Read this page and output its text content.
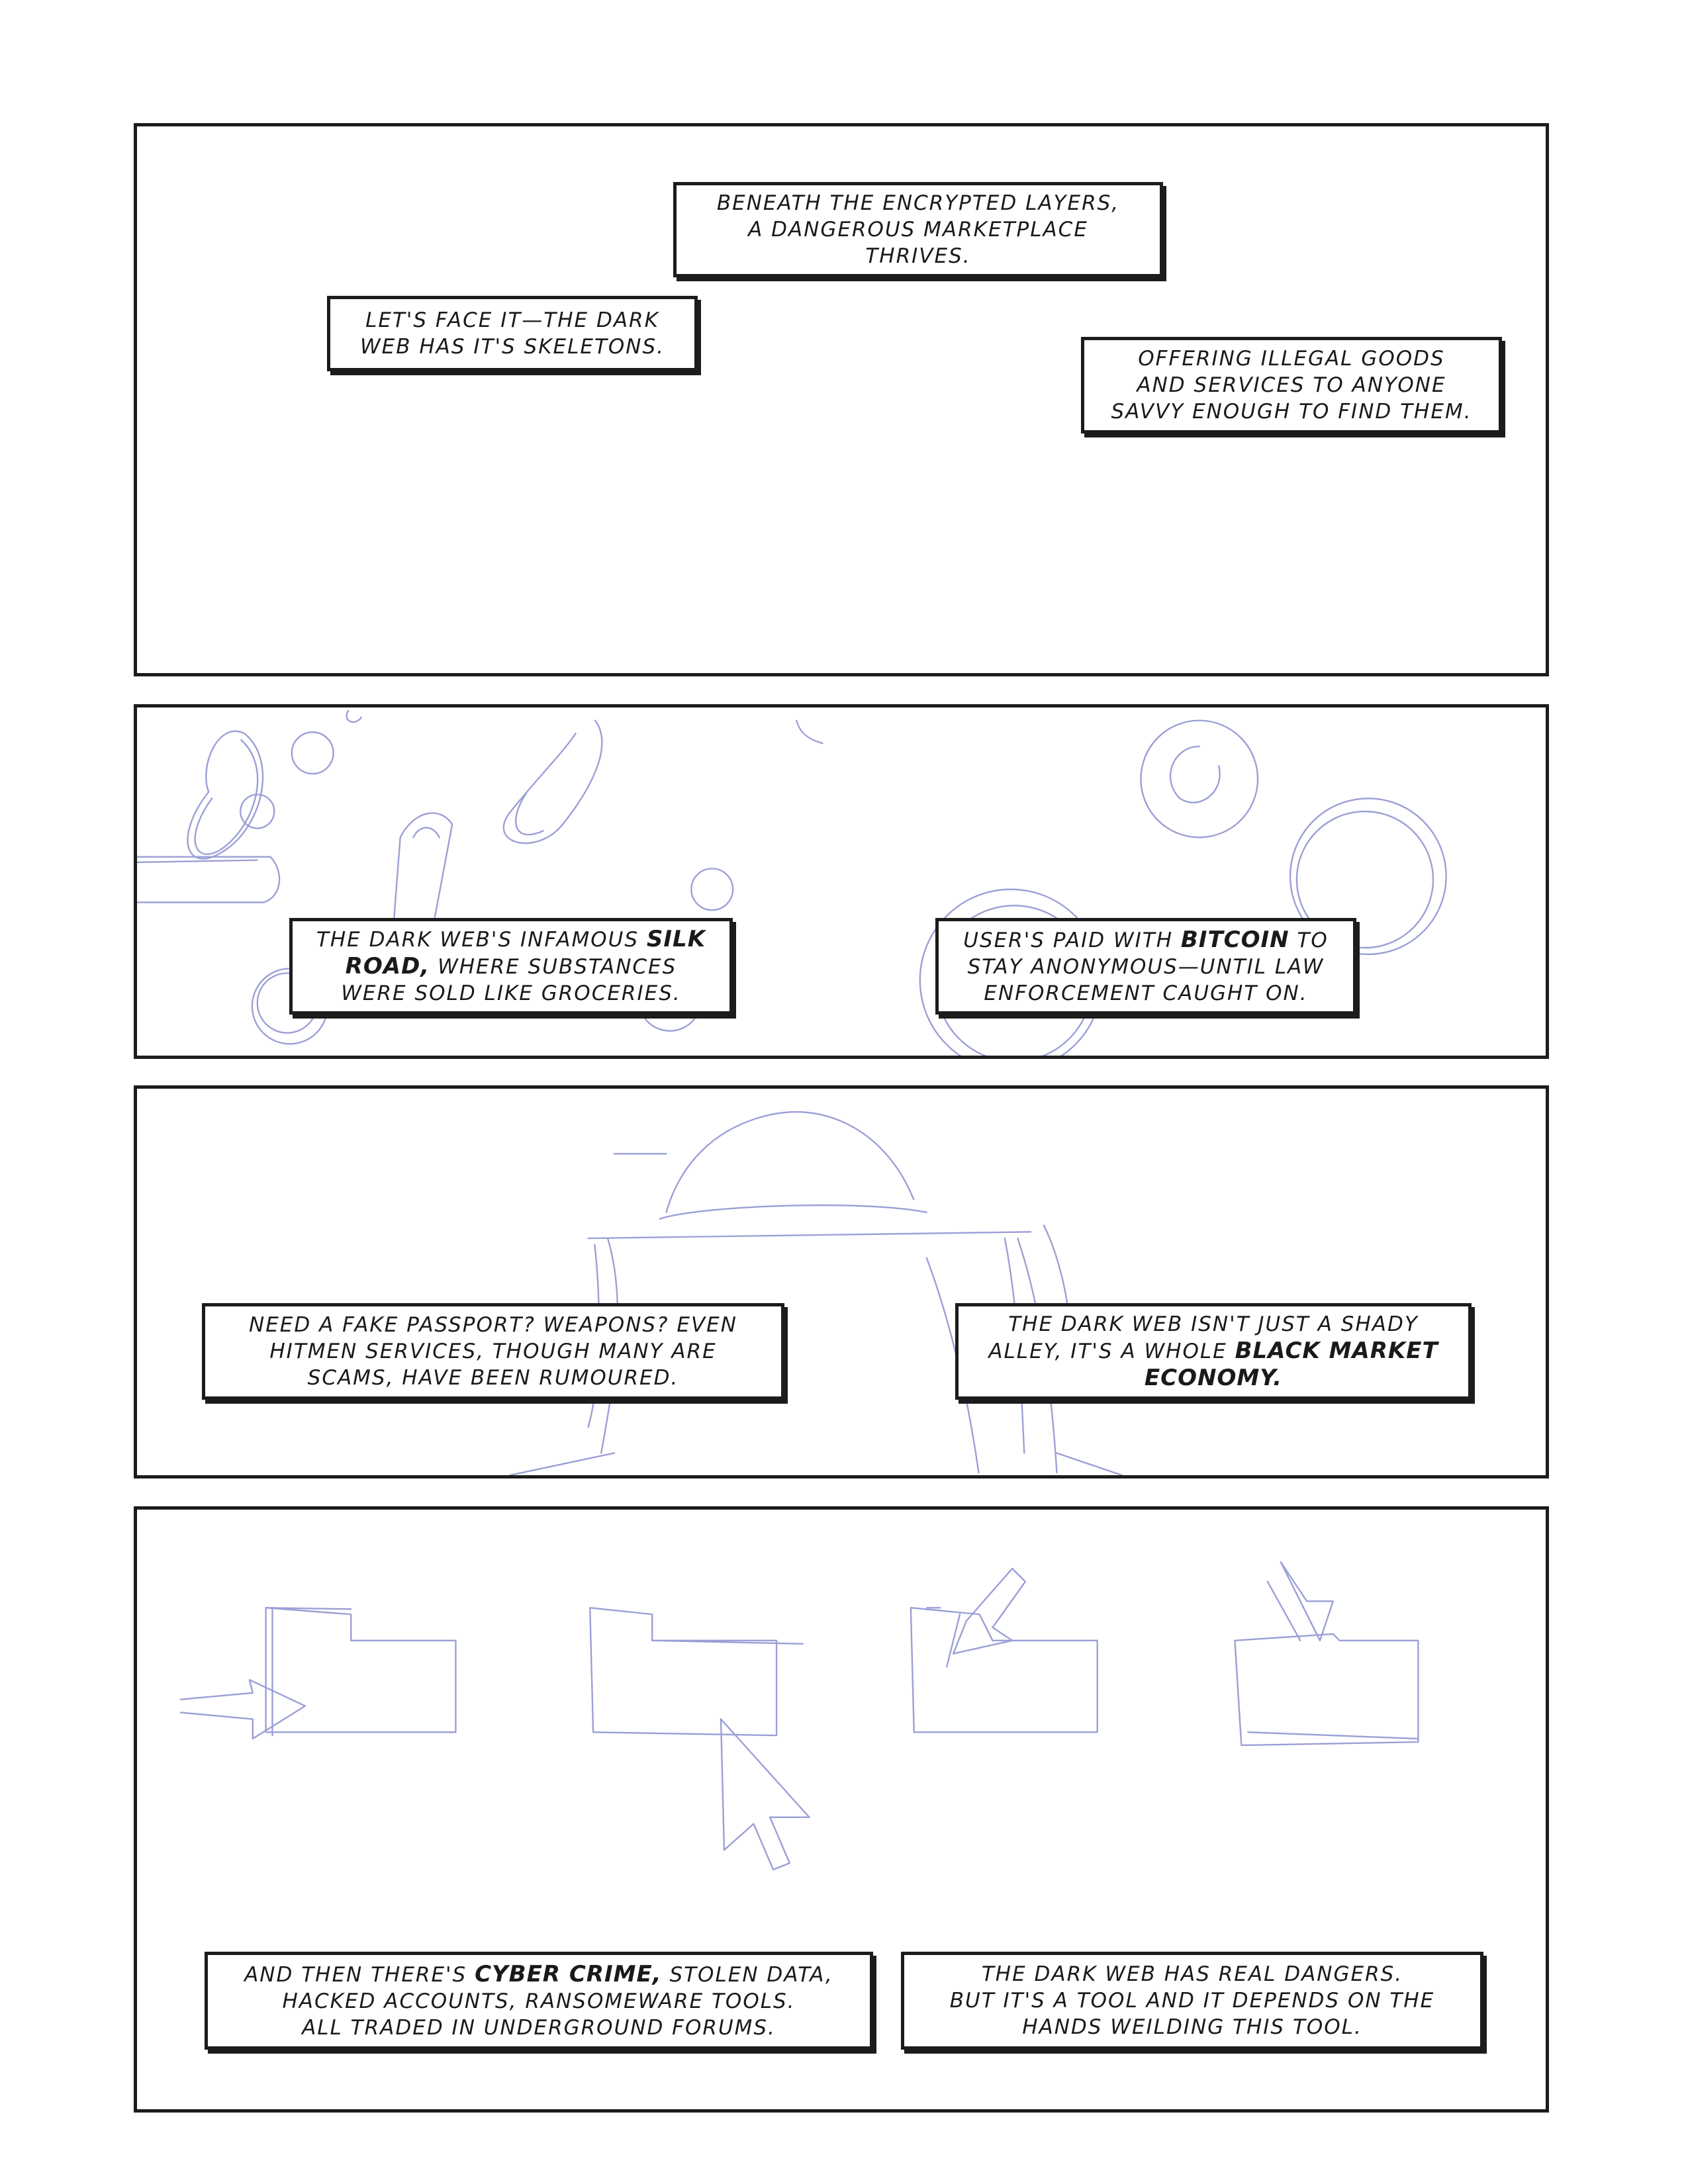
BENEATH THE ENCRYPTED LAYERS,
A DANGEROUS MARKETPLACE
THRIVES.
LET'S FACE IT—THE DARK
WEB HAS IT'S SKELETONS.	OFFERING ILLEGAL GOODS
AND SERVICES TO ANYONE
SAVVY ENOUGH TO FIND THEM.
THE DARK WEB'S INFAMOUS SILK
ROAD, WHERE SUBSTANCES
WERE SOLD LIKE GROCERIES.
USER'S PAID WITH BITCOIN TO
STAY ANONYMOUS—UNTIL LAW
ENFORCEMENT CAUGHT ON.
NEED A FAKE PASSPORT? WEAPONS? EVEN
HITMEN SERVICES, THOUGH MANY ARE
SCAMS, HAVE BEEN RUMOURED.
THE DARK WEB ISN'T JUST A SHADY
ALLEY, IT'S A WHOLE BLACK MARKET
ECONOMY.
AND THEN THERE'S CYBER CRIME, STOLEN DATA,
HACKED ACCOUNTS, RANSOMEWARE TOOLS.
ALL TRADED IN UNDERGROUND FORUMS.
THE DARK WEB HAS REAL DANGERS.
BUT IT'S A TOOL AND IT DEPENDS ON THE
HANDS WEILDING THIS TOOL.
